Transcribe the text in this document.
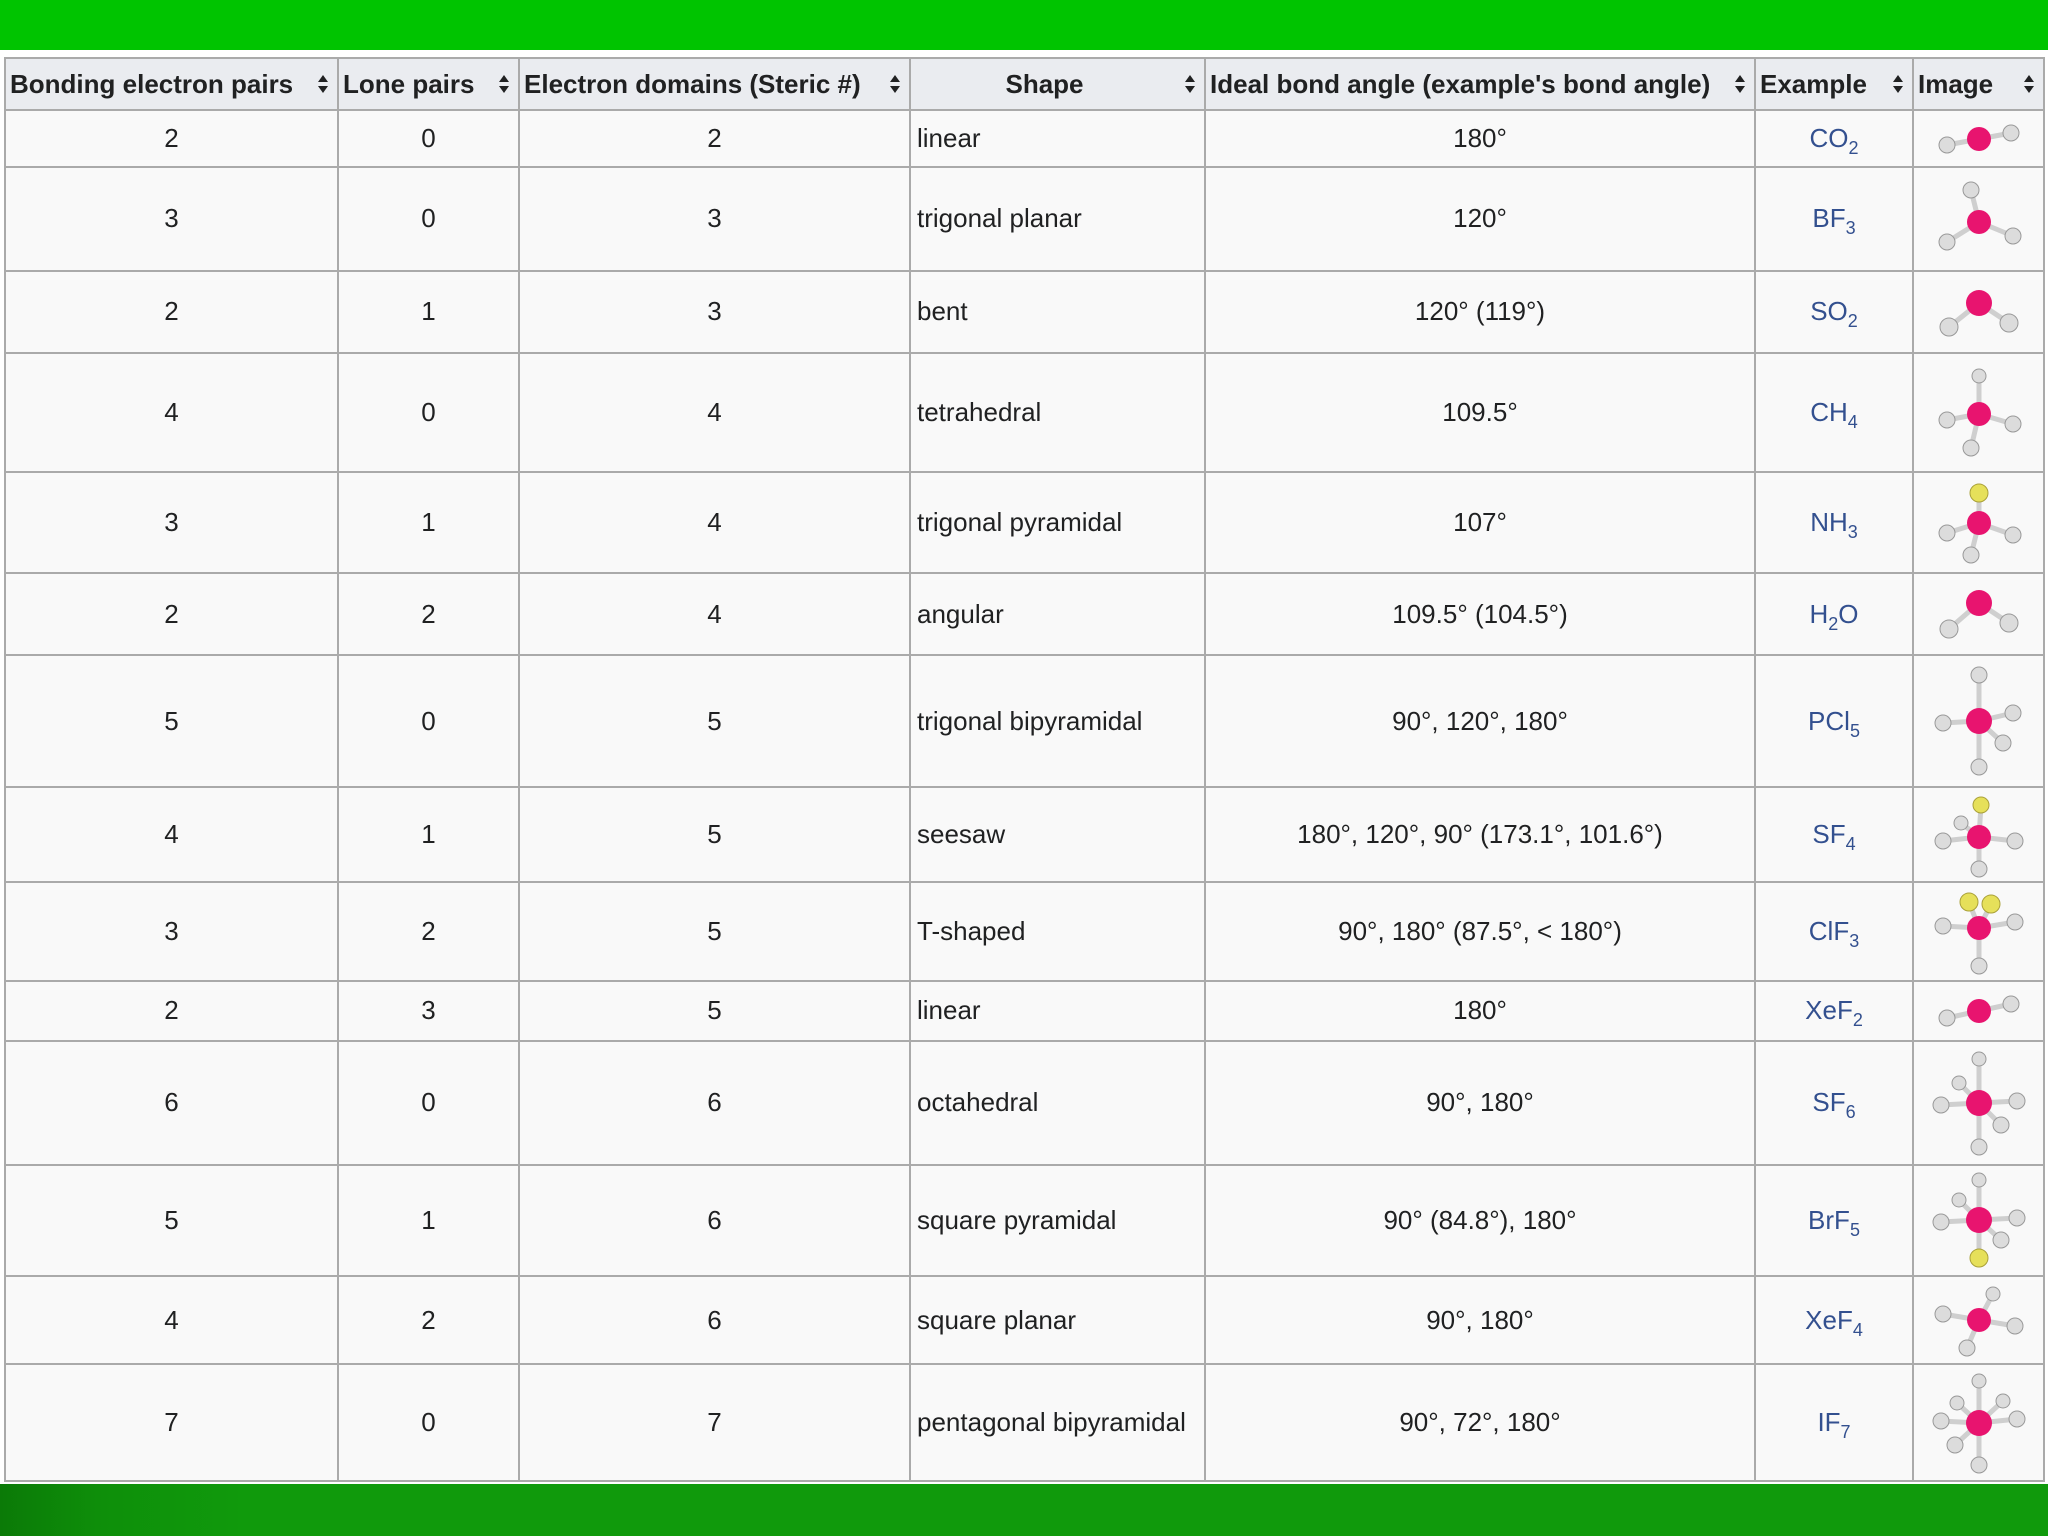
Bonding electron pairs	Lone pairs	Electron domains (Steric #)	Shape	Ideal bond angle (example's bond angle)	Example	Image

2	0	2	linear	180°	$CO_2$	

3	0	3	trigonal planar	120°	$BF_3$	

2	1	3	bent	120° (119°)	$SO_2$	

4	0	4	tetrahedral	109.5°	$CH_4$	

3	1	4	trigonal pyramidal	107°	$NH_3$	

2	2	4	angular	109.5° (104.5°)	$H_2O$	

5	0	5	trigonal bipyramidal	90°, 120°, 180°	PCl$_5$	

4	1	5	seesaw	180°, 120°, 90° (173.1°, 101.6°)	$SF_4$	

3	2	5	T-shaped	90°, 180° (87.5°, < 180°)	ClF$_3$	

2	3	5	linear	180°	XeF$_2$	

6	0	6	octahedral	90°, 180°	$SF_6$	

5	1	6	square pyramidal	90° (84.8°), 180°	BrF$_5$	

4	2	6	square planar	90°, 180°	XeF$_4$	

7	0	7	pentagonal bipyramidal	90°, 72°, 180°	$IF_7$	
